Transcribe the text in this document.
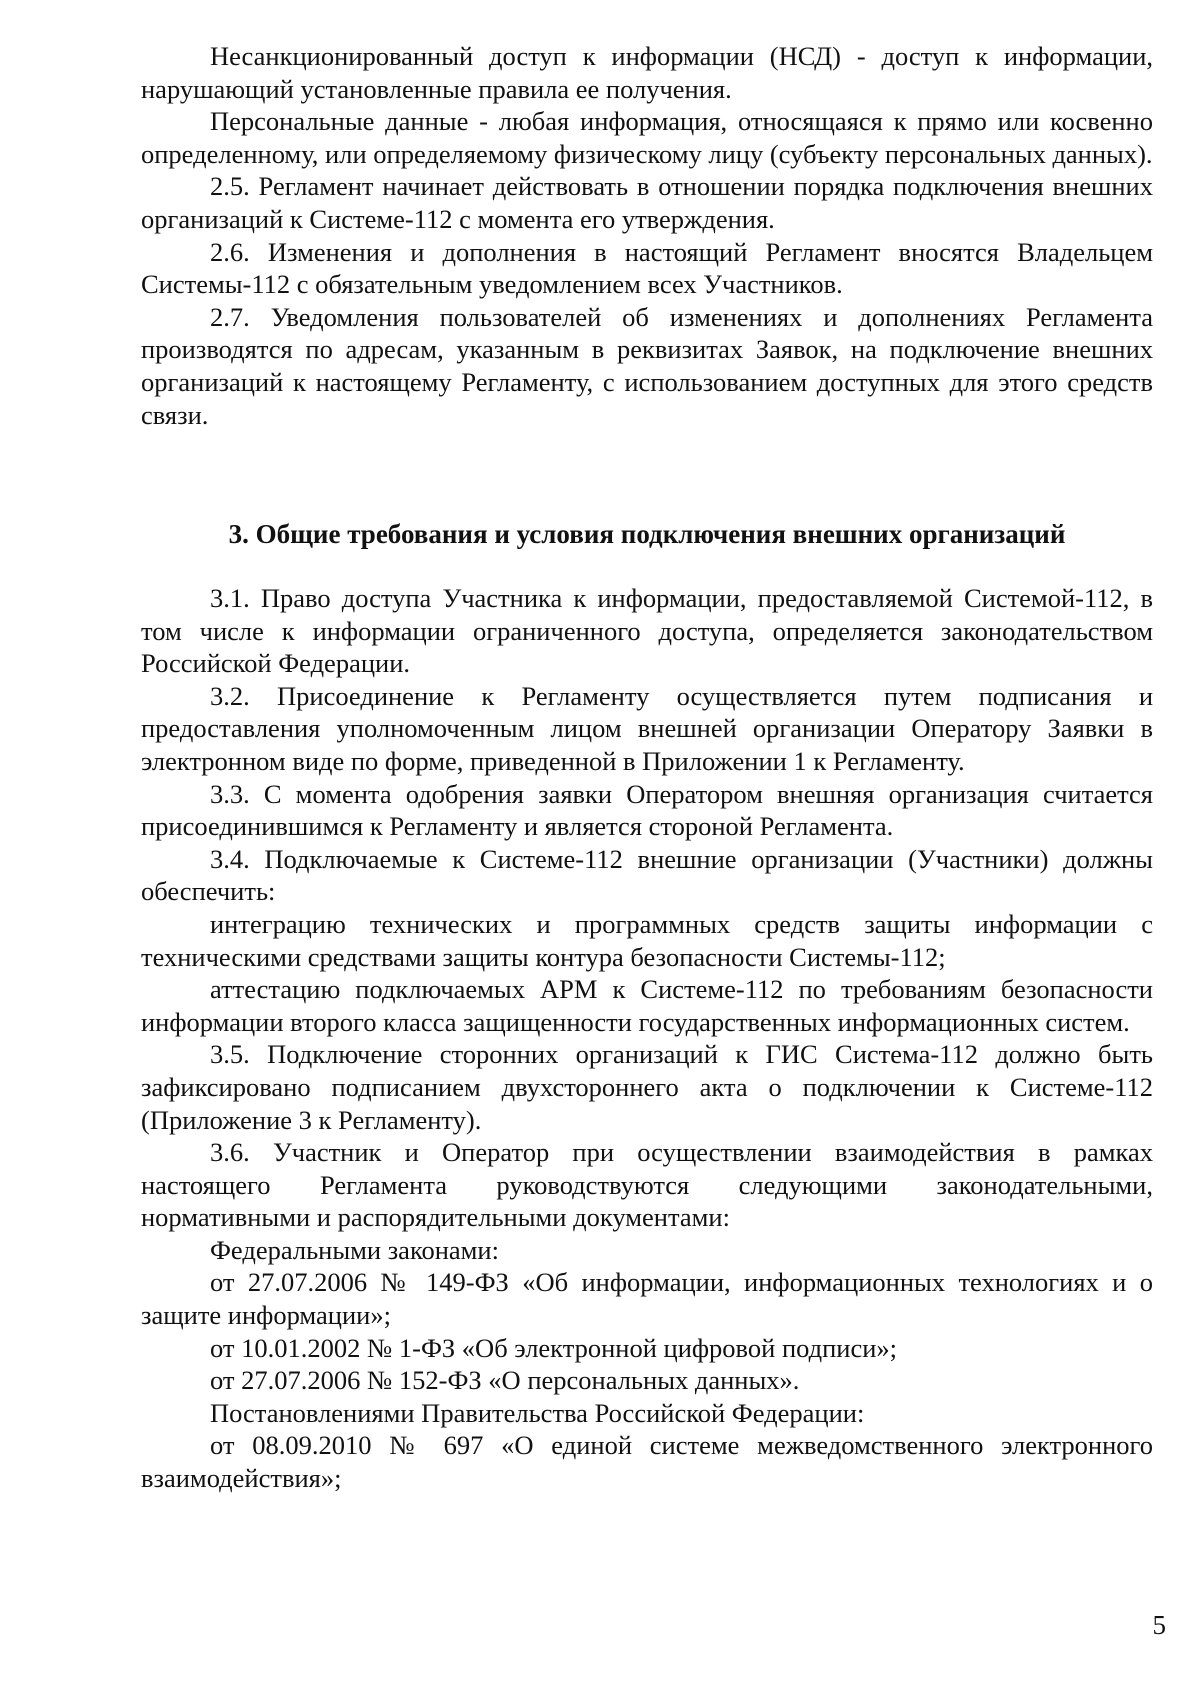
Несанкционированный доступ к информации (НСД) - доступ к информации, нарушающий установленные правила ее получения.

Персональные данные - любая информация, относящаяся к прямо или косвенно определенному, или определяемому физическому лицу (субъекту персональных данных).

2.5. Регламент начинает действовать в отношении порядка подключения внешних организаций к Системе-112 с момента его утверждения.

2.6. Изменения и дополнения в настоящий Регламент вносятся Владельцем Системы-112 с обязательным уведомлением всех Участников.

2.7. Уведомления пользователей об изменениях и дополнениях Регламента производятся по адресам, указанным в реквизитах Заявок, на подключение внешних организаций к настоящему Регламенту, с использованием доступных для этого средств связи.

3. Общие требования и условия подключения внешних организаций

3.1. Право доступа Участника к информации, предоставляемой Системой-112, в том числе к информации ограниченного доступа, определяется законодательством Российской Федерации.

3.2. Присоединение к Регламенту осуществляется путем подписания и предоставления уполномоченным лицом внешней организации Оператору Заявки в электронном виде по форме, приведенной в Приложении 1 к Регламенту.

3.3. С момента одобрения заявки Оператором внешняя организация считается присоединившимся к Регламенту и является стороной Регламента.

3.4. Подключаемые к Системе-112 внешние организации (Участники) должны обеспечить:

интеграцию технических и программных средств защиты информации с техническими средствами защиты контура безопасности Системы-112;

аттестацию подключаемых АРМ к Системе-112 по требованиям безопасности информации второго класса защищенности государственных информационных систем.

3.5. Подключение сторонних организаций к ГИС Система-112 должно быть зафиксировано подписанием двухстороннего акта о подключении к Системе-112 (Приложение 3 к Регламенту).

3.6. Участник и Оператор при осуществлении взаимодействия в рамках настоящего Регламента руководствуются следующими законодательными, нормативными и распорядительными документами:

Федеральными законами:

от 27.07.2006 № 149-ФЗ «Об информации, информационных технологиях и о защите информации»;

от 10.01.2002 № 1-ФЗ «Об электронной цифровой подписи»;

от 27.07.2006 № 152-ФЗ «О персональных данных».

Постановлениями Правительства Российской Федерации:

от 08.09.2010 № 697 «О единой системе межведомственного электронного взаимодействия»;

5
